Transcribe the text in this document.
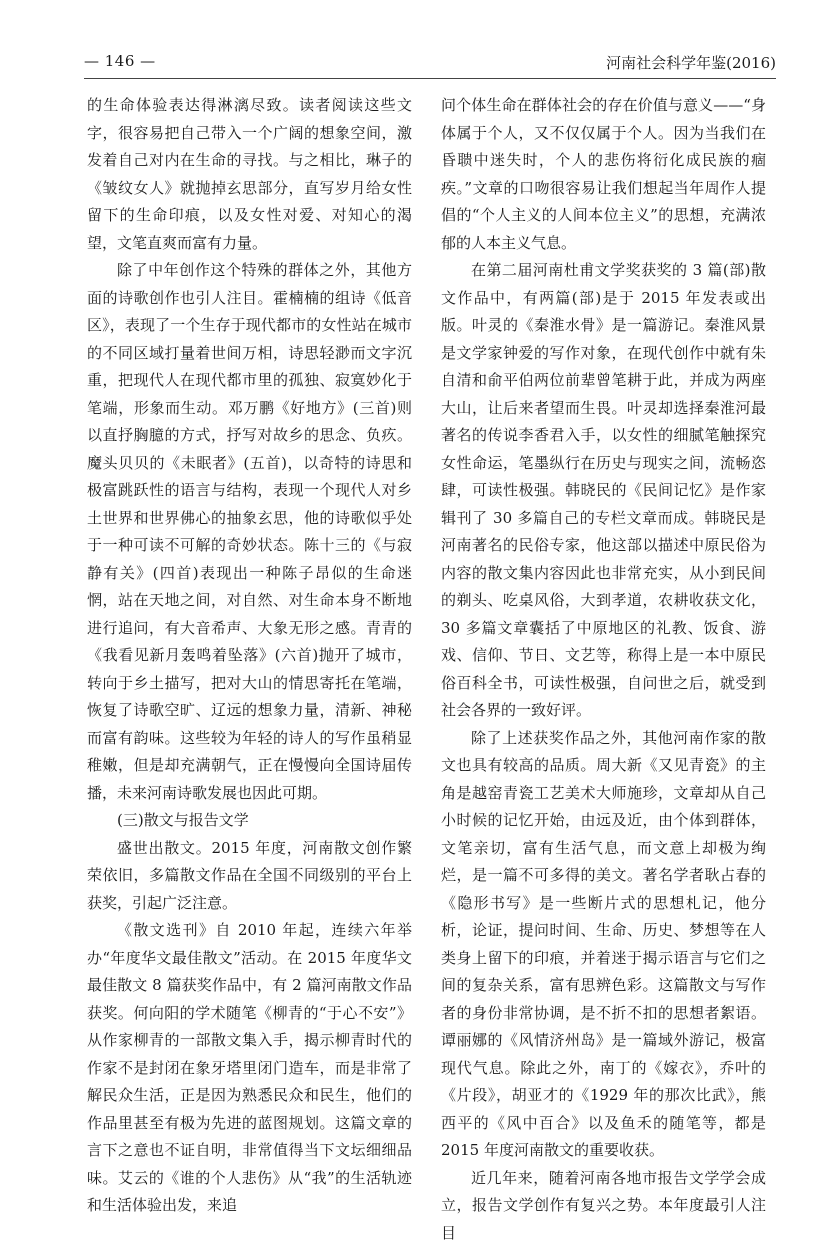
— 146 —	河南社会科学年鉴(2016)

的生命体验表达得淋漓尽致。读者阅读这些文字，很容易把自己带入一个广阔的想象空间，激发着自己对内在生命的寻找。与之相比，琳子的《皱纹女人》就抛掉玄思部分，直写岁月给女性留下的生命印痕，以及女性对爱、对知心的渴望，文笔直爽而富有力量。

除了中年创作这个特殊的群体之外，其他方面的诗歌创作也引人注目。霍楠楠的组诗《低音区》，表现了一个生存于现代都市的女性站在城市的不同区域打量着世间万相，诗思轻渺而文字沉重，把现代人在现代都市里的孤独、寂寞妙化于笔端，形象而生动。邓万鹏《好地方》(三首)则以直抒胸臆的方式，抒写对故乡的思念、负疚。魔头贝贝的《未眠者》(五首)，以奇特的诗思和极富跳跃性的语言与结构，表现一个现代人对乡土世界和世界佛心的抽象玄思，他的诗歌似乎处于一种可读不可解的奇妙状态。陈十三的《与寂静有关》(四首)表现出一种陈子昂似的生命迷惘，站在天地之间，对自然、对生命本身不断地进行追问，有大音希声、大象无形之感。青青的《我看见新月轰鸣着坠落》(六首)抛开了城市，转向于乡土描写，把对大山的情思寄托在笔端，恢复了诗歌空旷、辽远的想象力量，清新、神秘而富有韵味。这些较为年轻的诗人的写作虽稍显稚嫩，但是却充满朝气，正在慢慢向全国诗届传播，未来河南诗歌发展也因此可期。

(三)散文与报告文学

盛世出散文。2015 年度，河南散文创作繁荣依旧，多篇散文作品在全国不同级别的平台上获奖，引起广泛注意。

《散文选刊》自 2010 年起，连续六年举办“年度华文最佳散文”活动。在 2015 年度华文最佳散文 8 篇获奖作品中，有 2 篇河南散文作品获奖。何向阳的学术随笔《柳青的“于心不安”》从作家柳青的一部散文集入手，揭示柳青时代的作家不是封闭在象牙塔里闭门造车，而是非常了解民众生活，正是因为熟悉民众和民生，他们的作品里甚至有极为先进的蓝图规划。这篇文章的言下之意也不证自明，非常值得当下文坛细细品味。艾云的《谁的个人悲伤》从“我”的生活轨迹和生活体验出发，来追

问个体生命在群体社会的存在价值与意义——“身体属于个人，又不仅仅属于个人。因为当我们在昏聩中迷失时，个人的悲伤将衍化成民族的痼疾。”文章的口吻很容易让我们想起当年周作人提倡的“个人主义的人间本位主义”的思想，充满浓郁的人本主义气息。

在第二届河南杜甫文学奖获奖的 3 篇(部)散文作品中，有两篇(部)是于 2015 年发表或出版。叶灵的《秦淮水骨》是一篇游记。秦淮风景是文学家钟爱的写作对象，在现代创作中就有朱自清和俞平伯两位前辈曾笔耕于此，并成为两座大山，让后来者望而生畏。叶灵却选择秦淮河最著名的传说李香君入手，以女性的细腻笔触探究女性命运，笔墨纵行在历史与现实之间，流畅恣肆，可读性极强。韩晓民的《民间记忆》是作家辑刊了 30 多篇自己的专栏文章而成。韩晓民是河南著名的民俗专家，他这部以描述中原民俗为内容的散文集内容因此也非常充实，从小到民间的剃头、吃桌风俗，大到孝道，农耕收获文化，30 多篇文章囊括了中原地区的礼教、饭食、游戏、信仰、节日、文艺等，称得上是一本中原民俗百科全书，可读性极强，自问世之后，就受到社会各界的一致好评。

除了上述获奖作品之外，其他河南作家的散文也具有较高的品质。周大新《又见青瓷》的主角是越窑青瓷工艺美术大师施珍，文章却从自己小时候的记忆开始，由远及近，由个体到群体，文笔亲切，富有生活气息，而文意上却极为绚烂，是一篇不可多得的美文。著名学者耿占春的《隐形书写》是一些断片式的思想札记，他分析，论证，提问时间、生命、历史、梦想等在人类身上留下的印痕，并着迷于揭示语言与它们之间的复杂关系，富有思辨色彩。这篇散文与写作者的身份非常协调，是不折不扣的思想者絮语。谭丽娜的《风情济州岛》是一篇域外游记，极富现代气息。除此之外，南丁的《嫁衣》，乔叶的《片段》，胡亚才的《1929 年的那次比武》，熊西平的《风中百合》以及鱼禾的随笔等，都是 2015 年度河南散文的重要收获。

近几年来，随着河南各地市报告文学学会成立，报告文学创作有复兴之势。本年度最引人注目
